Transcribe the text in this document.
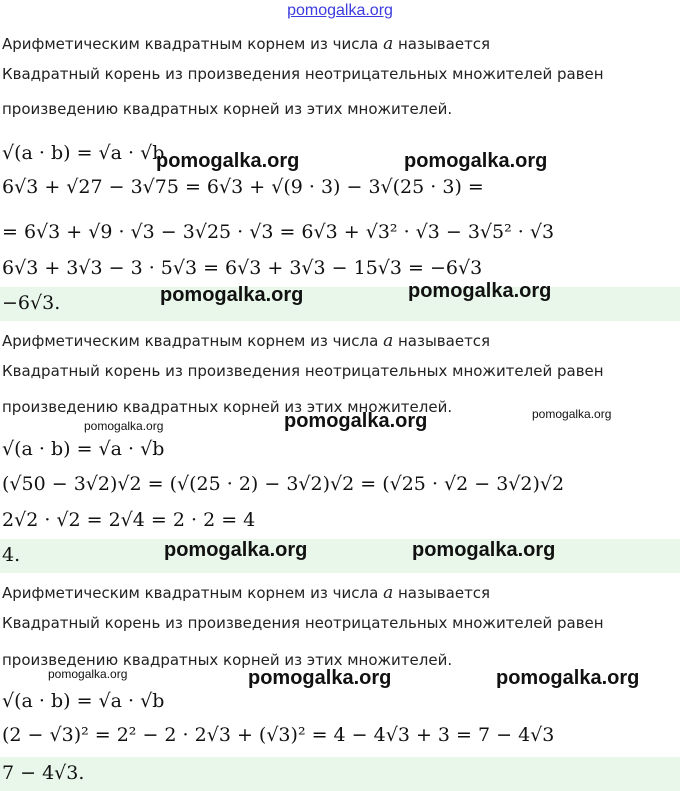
pomogalka.org
Арифметическим квадратным корнем из числа a называется
Квадратный корень из произведения неотрицательных множителей равен
произведению квадратных корней из этих множителей.
√(a · b) = √a · √b
6√3 + √27 − 3√75 = 6√3 + √(9 · 3) − 3√(25 · 3) =
= 6√3 + √9 · √3 − 3√25 · √3 = 6√3 + √3² · √3 − 3√5² · √3
6√3 + 3√3 − 3 · 5√3 = 6√3 + 3√3 − 15√3 = −6√3
−6√3.
Арифметическим квадратным корнем из числа a называется
Квадратный корень из произведения неотрицательных множителей равен
произведению квадратных корней из этих множителей.
√(a · b) = √a · √b
(√50 − 3√2)√2 = (√(25 · 2) − 3√2)√2 = (√25 · √2 − 3√2)√2
2√2 · √2 = 2√4 = 2 · 2 = 4
4.
Арифметическим квадратным корнем из числа a называется
Квадратный корень из произведения неотрицательных множителей равен
произведению квадратных корней из этих множителей.
√(a · b) = √a · √b
(2 − √3)² = 2² − 2 · 2√3 + (√3)² = 4 − 4√3 + 3 = 7 − 4√3
7 − 4√3.
pomogalka.org	pomogalka.org
pomogalka.org	pomogalka.org
pomogalka.org	pomogalka.org	pomogalka.org
pomogalka.org	pomogalka.org
pomogalka.org	pomogalka.org	pomogalka.org
